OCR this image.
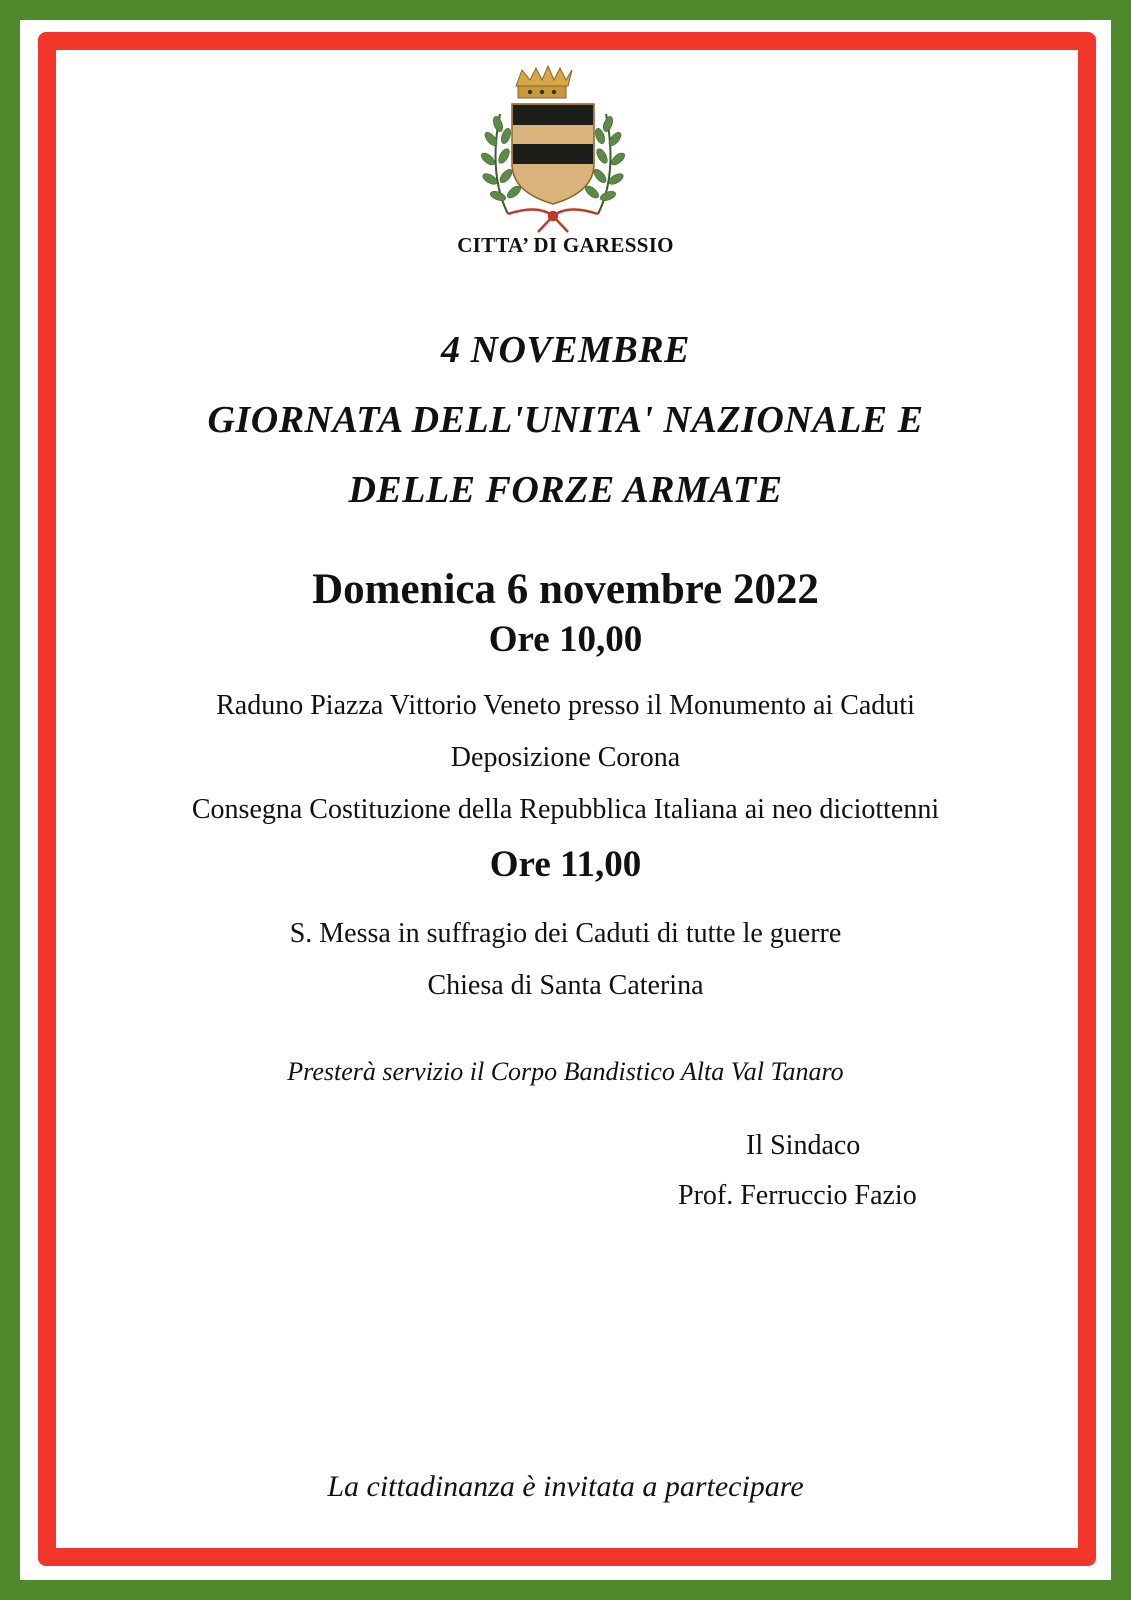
CITTA’ DI GARESSIO
4 NOVEMBRE
GIORNATA DELL'UNITA' NAZIONALE E
DELLE FORZE ARMATE
Domenica 6 novembre 2022
Ore 10,00
Raduno Piazza Vittorio Veneto presso il Monumento ai Caduti
Deposizione Corona
Consegna Costituzione della Repubblica Italiana ai neo diciottenni
Ore 11,00
S. Messa in suffragio dei Caduti di tutte le guerre
Chiesa di Santa Caterina
Presterà servizio il Corpo Bandistico Alta Val Tanaro
Il Sindaco
Prof. Ferruccio Fazio
La cittadinanza è invitata a partecipare
